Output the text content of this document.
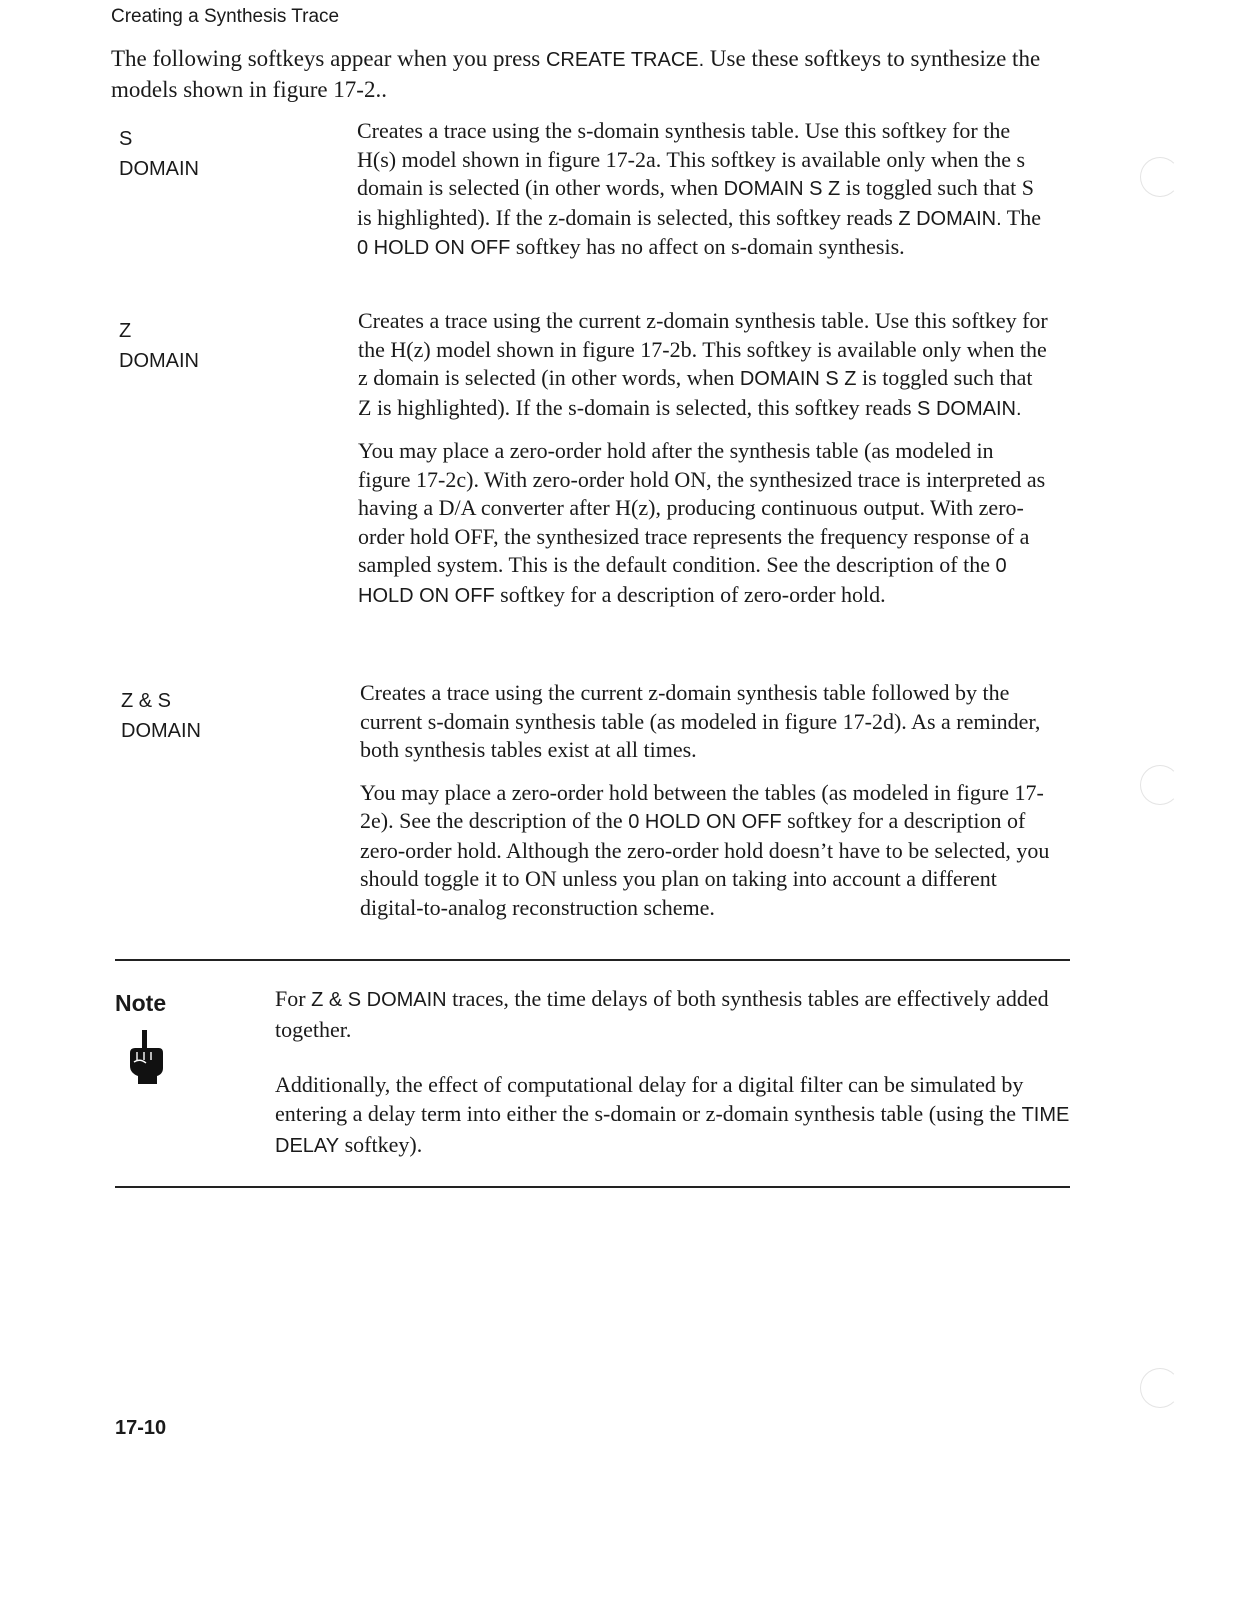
Creating a Synthesis Trace
The following softkeys appear when you press CREATE TRACE. Use these softkeys to synthesize the models shown in figure 17-2..
S
DOMAIN

Creates a trace using the s-domain synthesis table. Use this softkey for the H(s) model shown in figure 17-2a. This softkey is available only when the s domain is selected (in other words, when DOMAIN S Z is toggled such that S is highlighted). If the z-domain is selected, this softkey reads Z DOMAIN. The 0 HOLD ON OFF softkey has no affect on s-domain synthesis.

Z
DOMAIN

Creates a trace using the current z-domain synthesis table. Use this softkey for the H(z) model shown in figure 17-2b. This softkey is available only when the z domain is selected (in other words, when DOMAIN S Z is toggled such that Z is highlighted). If the s-domain is selected, this softkey reads S DOMAIN.

You may place a zero-order hold after the synthesis table (as modeled in figure 17-2c). With zero-order hold ON, the synthesized trace is interpreted as having a D/A converter after H(z), producing continuous output. With zero-order hold OFF, the synthesized trace represents the frequency response of a sampled system. This is the default condition. See the description of the 0 HOLD ON OFF softkey for a description of zero-order hold.

Z & S
DOMAIN

Creates a trace using the current z-domain synthesis table followed by the current s-domain synthesis table (as modeled in figure 17-2d). As a reminder, both synthesis tables exist at all times.

You may place a zero-order hold between the tables (as modeled in figure 17-2e). See the description of the 0 HOLD ON OFF softkey for a description of zero-order hold. Although the zero-order hold doesn’t have to be selected, you should toggle it to ON unless you plan on taking into account a different digital-to-analog reconstruction scheme.

Note	For Z & S DOMAIN traces, the time delays of both synthesis tables are effectively added together.

Additionally, the effect of computational delay for a digital filter can be simulated by entering a delay term into either the s-domain or z-domain synthesis table (using the TIME DELAY softkey).

17-10
